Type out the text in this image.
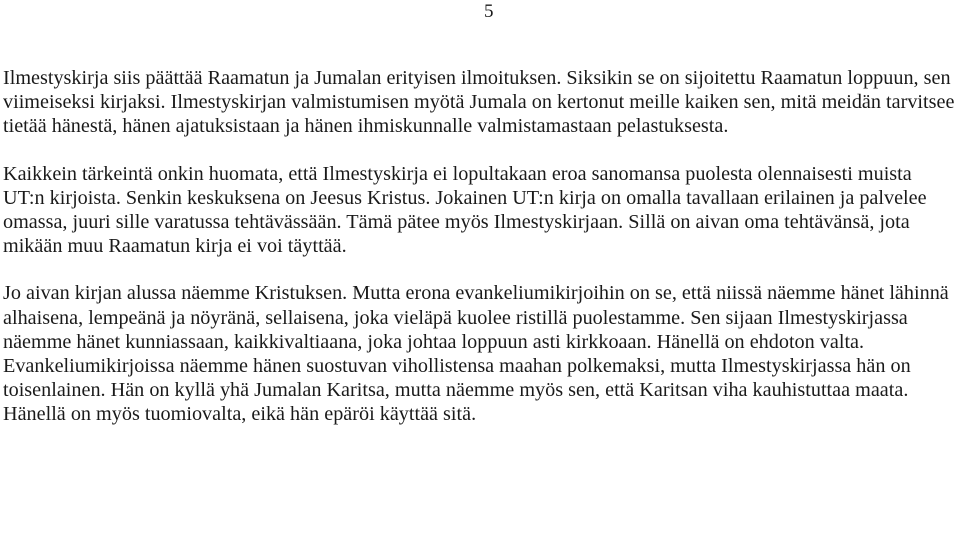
5

Ilmestyskirja siis päättää Raamatun ja Jumalan erityisen ilmoituksen. Siksikin se on sijoitettu Raamatun loppuun, sen viimeiseksi kirjaksi. Ilmestyskirjan valmistumisen myötä Jumala on kertonut meille kaiken sen, mitä meidän tarvitsee tietää hänestä, hänen ajatuksistaan ja hänen ihmiskunnalle valmistamastaan pelastuksesta.

Kaikkein tärkeintä onkin huomata, että Ilmestyskirja ei lopultakaan eroa sanomansa puolesta olennaisesti muista UT:n kirjoista. Senkin keskuksena on Jeesus Kristus. Jokainen UT:n kirja on omalla tavallaan erilainen ja palvelee omassa, juuri sille varatussa tehtävässään. Tämä pätee myös Ilmestyskirjaan. Sillä on aivan oma tehtävänsä, jota mikään muu Raamatun kirja ei voi täyttää.

Jo aivan kirjan alussa näemme Kristuksen. Mutta erona evankeliumikirjoihin on se, että niissä näemme hänet lähinnä alhaisena, lempeänä ja nöyränä, sellaisena, joka vieläpä kuolee ristillä puolestamme. Sen sijaan Ilmestyskirjassa näemme hänet kunniassaan, kaikkivaltiaana, joka johtaa loppuun asti kirkkoaan. Hänellä on ehdoton valta. Evankeliumikirjoissa näemme hänen suostuvan vihollistensa maahan polkemaksi, mutta Ilmestyskirjassa hän on toisenlainen. Hän on kyllä yhä Jumalan Karitsa, mutta näemme myös sen, että Karitsan viha kauhistuttaa maata. Hänellä on myös tuomiovalta, eikä hän epäröi käyttää sitä.
